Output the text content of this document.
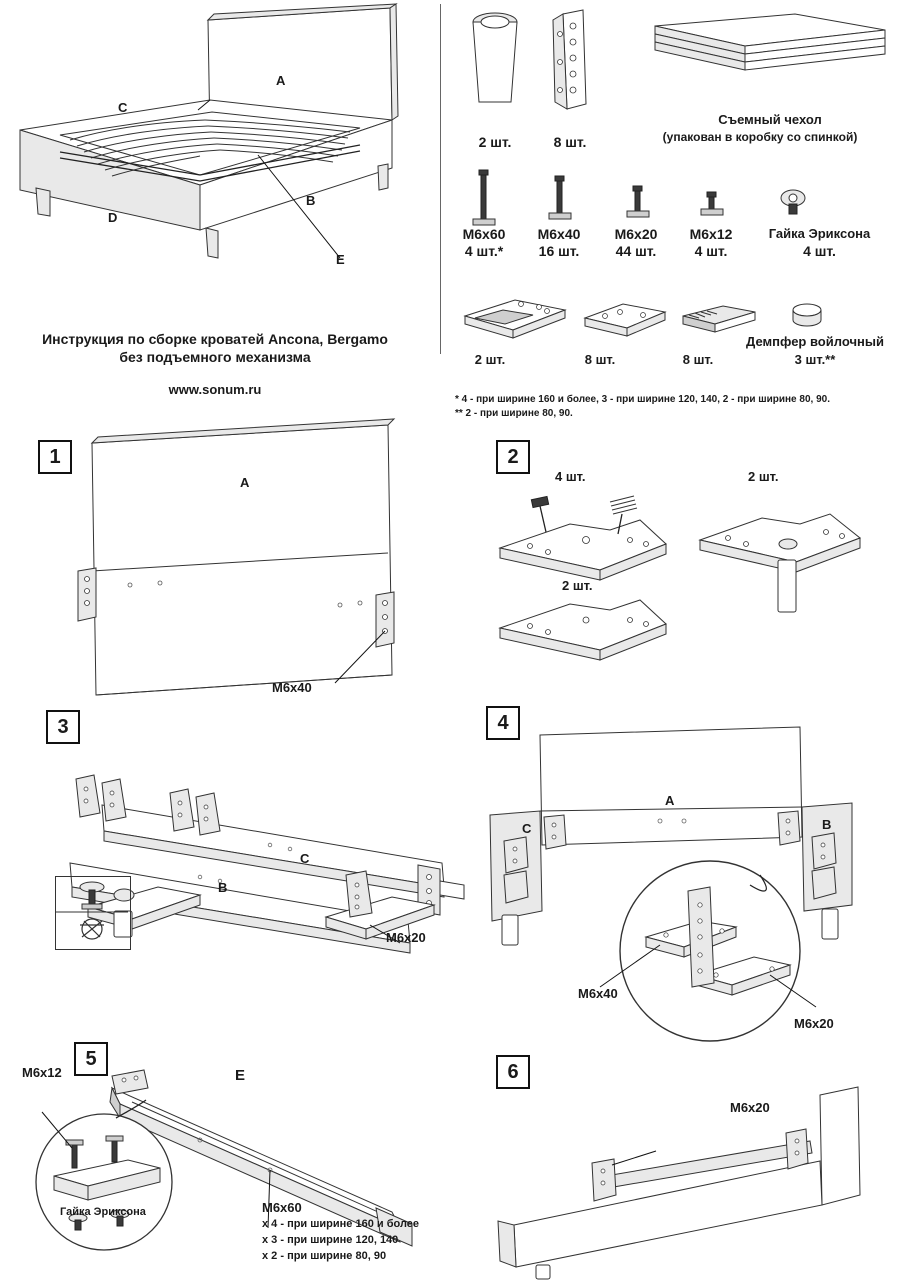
A
C
D
B
E
Инструкция по сборке кроватей Ancona, Bergamo
без подъемного механизма
www.sonum.ru
2 шт.	8 шт.
Съемный чехол
(упакован в коробку со спинкой)
M6x60
4 шт.*
M6x40
16 шт.
M6x20
44 шт.
M6x12
4 шт.
Гайка Эриксона
4 шт.
2 шт.	8 шт.	8 шт.
Демпфер войлочный
3 шт.**
* 4 - при ширине 160 и более, 3 - при ширине 120, 140, 2 - при ширине 80, 90.
** 2 - при ширине 80, 90.
1
A
M6x40
2
4 шт.	2 шт.
2 шт.
3
C
B
M6x20
4
A
C	B
M6x40
M6x20
5
E
M6x12
Гайка Эриксона	M6x60
x 4 - при ширине 160 и более
x 3 - при ширине 120, 140
x 2 - при ширине 80, 90
6
M6x20
